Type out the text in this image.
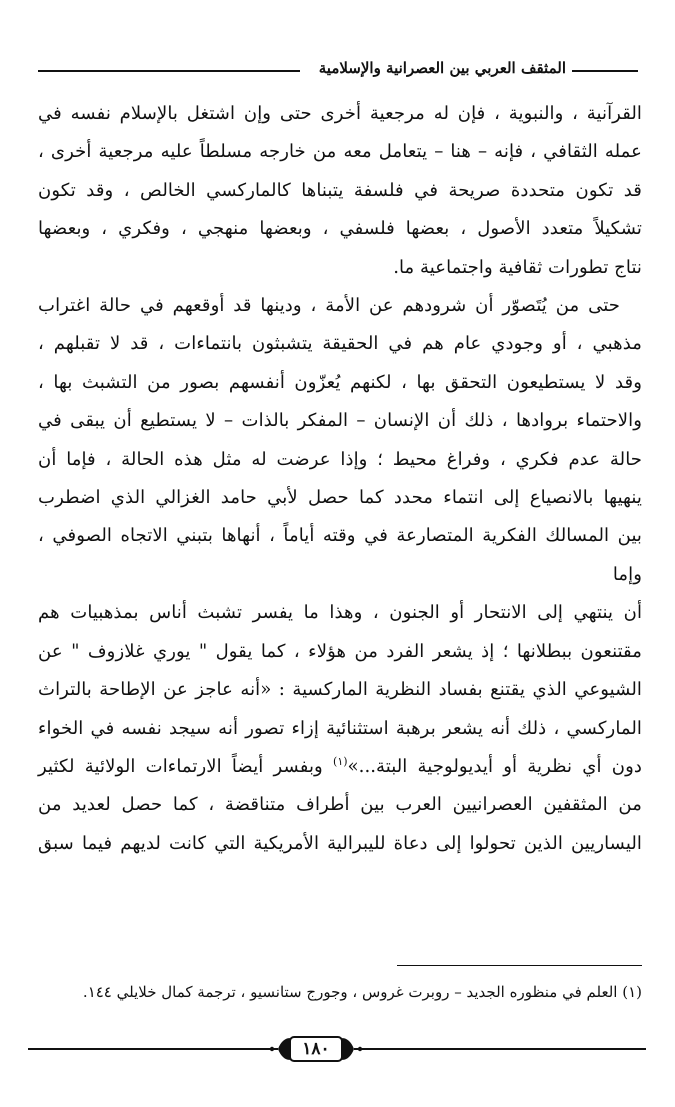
المثقف العربي بين العصرانية والإسلامية

القرآنية ، والنبوية ، فإن له مرجعية أخرى حتى وإن اشتغل بالإسلام نفسه في

عمله الثقافي ، فإنه – هنا – يتعامل معه من خارجه مسلطاً عليه مرجعية أخرى ،

قد تكون متحددة صريحة في فلسفة يتبناها كالماركسي الخالص ، وقد تكون

تشكيلاً متعدد الأصول ، بعضها فلسفي ، وبعضها منهجي ، وفكري ، وبعضها

نتاج تطورات ثقافية واجتماعية ما.

حتى من يُتَصوّر أن شرودهم عن الأمة ، ودينها قد أوقعهم في حالة اغتراب

مذهبي ، أو وجودي عام هم في الحقيقة يتشبثون بانتماءات ، قد لا تقبلهم ،

وقد لا يستطيعون التحقق بها ، لكنهم يُعزّون أنفسهم بصور من التشبث بها ،

والاحتماء بروادها ، ذلك أن الإنسان – المفكر بالذات – لا يستطيع أن يبقى في

حالة عدم فكري ، وفراغ محيط ؛ وإذا عرضت له مثل هذه الحالة ، فإما أن

ينهيها بالانصياع إلى انتماء محدد كما حصل لأبي حامد الغزالي الذي اضطرب

بين المسالك الفكرية المتصارعة في وقته أياماً ، أنهاها بتبني الاتجاه الصوفي ، وإما

أن ينتهي إلى الانتحار أو الجنون ، وهذا ما يفسر تشبث أناس بمذهبيات هم

مقتنعون ببطلانها ؛ إذ يشعر الفرد من هؤلاء ، كما يقول " يوري غلازوف " عن

الشيوعي الذي يقتنع بفساد النظرية الماركسية : «أنه عاجز عن الإطاحة بالتراث

الماركسي ، ذلك أنه يشعر برهبة استثنائية إزاء تصور أنه سيجد نفسه في الخواء

دون أي نظرية أو أيديولوجية البتة...»$^{(١)}$ وبفسر أيضاً الارتماءات الولائية لكثير

من المثقفين العصرانيين العرب بين أطراف متناقضة ، كما حصل لعديد من

اليساريين الذين تحولوا إلى دعاة لليبرالية الأمريكية التي كانت لديهم فيما سبق

(١) العلم في منظوره الجديد – روبرت غروس ، وجورج ستانسيو ، ترجمة كمال خلايلي ١٤٤.
١٨٠
